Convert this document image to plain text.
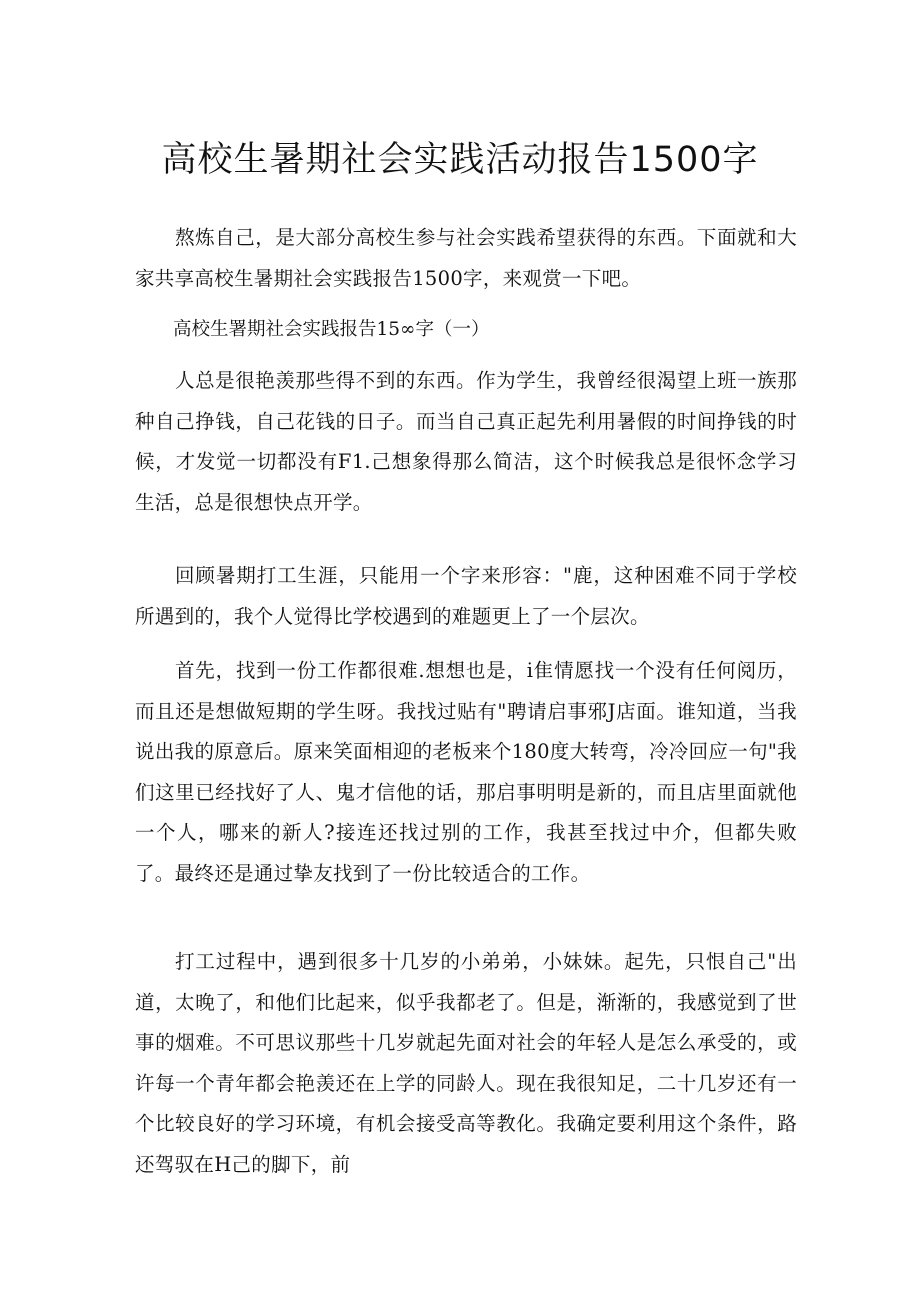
高校生暑期社会实践活动报告1500字

熬炼自己，是大部分高校生参与社会实践希望获得的东西。下面就和大家共享高校生暑期社会实践报告1500字，来观赏一下吧。

高校生署期社会实践报告15∞字（一）

人总是很艳羡那些得不到的东西。作为学生，我曾经很渴望上班一族那种自己挣钱，自己花钱的日子。而当自己真正起先利用暑假的时间挣钱的时候，才发觉一切都没有F1.己想象得那么简洁，这个时候我总是很怀念学习生活，总是很想快点开学。

回顾暑期打工生涯，只能用一个字来形容："鹿，这种困难不同于学校所遇到的，我个人觉得比学校遇到的难题更上了一个层次。

首先，找到一份工作都很难.想想也是，i隹情愿找一个没有任何阅历，而且还是想做短期的学生呀。我找过贴有"聘请启事邪J店面。谁知道，当我说出我的原意后。原来笑面相迎的老板来个180度大转弯，冷冷回应一句"我们这里已经找好了人、鬼才信他的话，那启事明明是新的，而且店里面就他一个人，哪来的新人?接连还找过别的工作，我甚至找过中介，但都失败了。最终还是通过挚友找到了一份比较适合的工作。

打工过程中，遇到很多十几岁的小弟弟，小妹妹。起先，只恨自己"出道，太晚了，和他们比起来，似乎我都老了。但是，渐渐的，我感觉到了世事的烟难。不可思议那些十几岁就起先面对社会的年轻人是怎么承受的，或许每一个青年都会艳羡还在上学的同龄人。现在我很知足，二十几岁还有一个比较良好的学习环境，有机会接受高等教化。我确定要利用这个条件，路还驾驭在H己的脚下，前
